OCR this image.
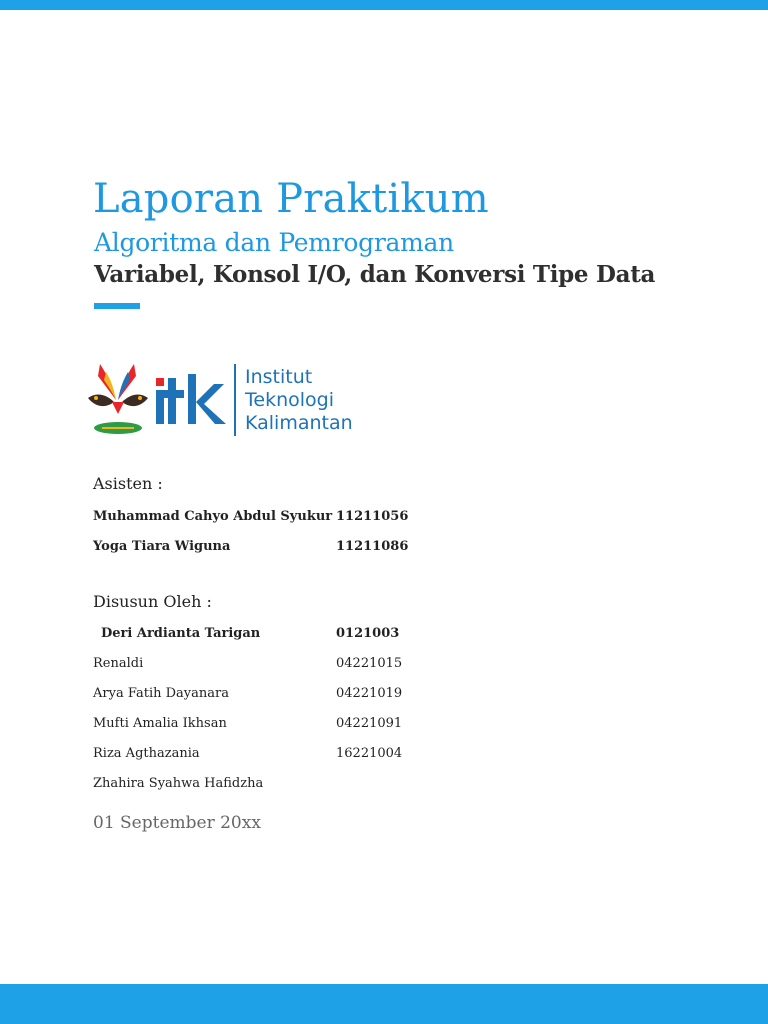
Laporan Praktikum
Algoritma dan Pemrograman
Variabel, Konsol I/O, dan Konversi Tipe Data
Institut
Teknologi
Kalimantan
Asisten :
Muhammad Cahyo Abdul Syukur 11211056
Yoga Tiara Wiguna	11211086
Disusun Oleh :
Deri Ardianta Tarigan	0121003
Renaldi	04221015
Arya Fatih Dayanara	04221019
Mufti Amalia Ikhsan	04221091
Riza Agthazania	16221004
Zhahira Syahwa Hafidzha
01 September 20xx
